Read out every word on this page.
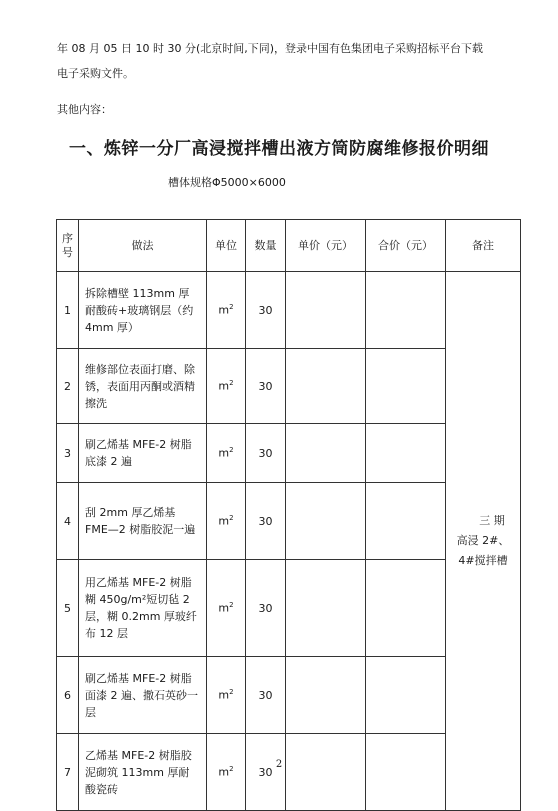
年 08 月 05 日 10 时 30 分(北京时间,下同)，登录中国有色集团电子采购招标平台下载
电子采购文件。
其他内容：
一、炼锌一分厂高浸搅拌槽出液方筒防腐维修报价明细
槽体规格Φ5000×6000
序号	做法	单位	数量	单价（元）	合价（元）	备注
1	拆除槽壁 113mm 厚耐酸砖+玻璃钢层（约 4mm 厚）	$m^2$	30			三 期
高浸 2#、
4#搅拌槽

2	维修部位表面打磨、除锈，表面用丙酮或酒精擦洗	$m^2$	30			
3	刷乙烯基 MFE-2 树脂底漆 2 遍	$m^2$	30			
4	刮 2mm 厚乙烯基 FME—2 树脂胶泥一遍	$m^2$	30			
5	用乙烯基 MFE-2 树脂糊 450g/m²短切毡 2 层，糊 0.2mm 厚玻纤布 12 层	$m^2$	30			
6	刷乙烯基 MFE-2 树脂面漆 2 遍、撒石英砂一层	$m^2$	30			
7	乙烯基 MFE-2 树脂胶泥砌筑 113mm 厚耐酸瓷砖	$m^2$	30			
2
